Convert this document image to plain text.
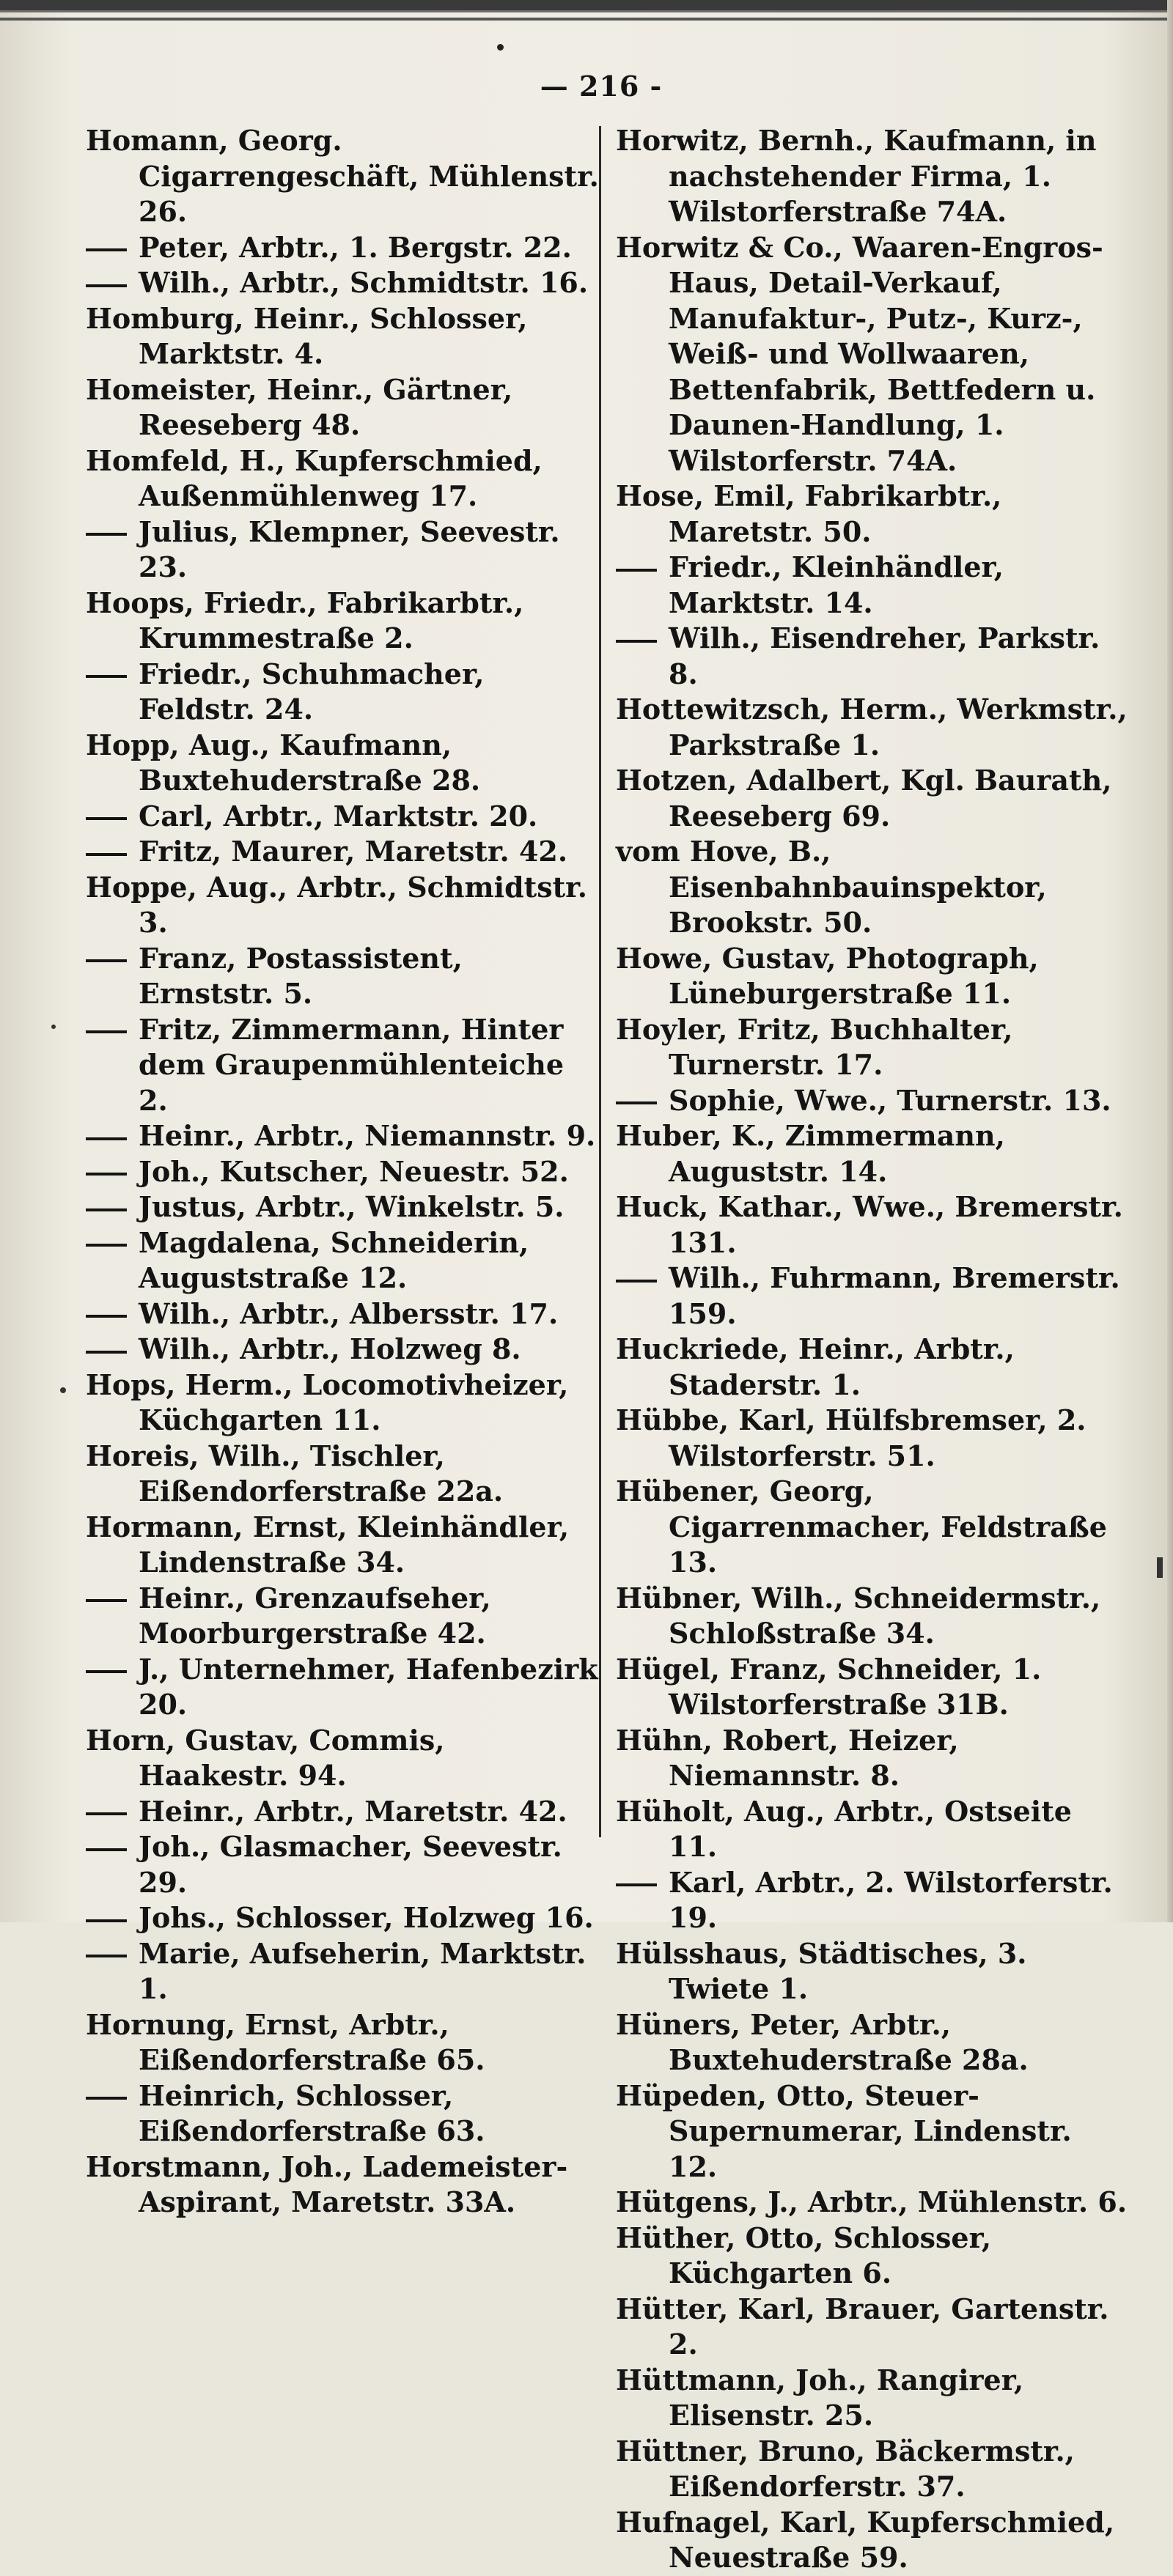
— 216 -

Homann, Georg. Cigarrengeschäft, Mühlenstr. 26.

Peter, Arbtr., 1. Bergstr. 22.

Wilh., Arbtr., Schmidtstr. 16.

Homburg, Heinr., Schlosser, Marktstr. 4.

Homeister, Heinr., Gärtner, Reeseberg 48.

Homfeld, H., Kupferschmied, Außenmühlenweg 17.

Julius, Klempner, Seevestr. 23.

Hoops, Friedr., Fabrikarbtr., Krummestraße 2.

Friedr., Schuhmacher, Feldstr. 24.

Hopp, Aug., Kaufmann, Buxtehuderstraße 28.

Carl, Arbtr., Marktstr. 20.

Fritz, Maurer, Maretstr. 42.

Hoppe, Aug., Arbtr., Schmidtstr. 3.

Franz, Postassistent, Ernststr. 5.

Fritz, Zimmermann, Hinter dem Graupenmühlenteiche 2.

Heinr., Arbtr., Niemannstr. 9.

Joh., Kutscher, Neuestr. 52.

Justus, Arbtr., Winkelstr. 5.

Magdalena, Schneiderin, Auguststraße 12.

Wilh., Arbtr., Albersstr. 17.

Wilh., Arbtr., Holzweg 8.

Hops, Herm., Locomotivheizer, Küchgarten 11.

Horeis, Wilh., Tischler, Eißendorferstraße 22a.

Hormann, Ernst, Kleinhändler, Lindenstraße 34.

Heinr., Grenzaufseher, Moorburgerstraße 42.

J., Unternehmer, Hafenbezirk 20.

Horn, Gustav, Commis, Haakestr. 94.

Heinr., Arbtr., Maretstr. 42.

Joh., Glasmacher, Seevestr. 29.

Johs., Schlosser, Holzweg 16.

Marie, Aufseherin, Marktstr. 1.

Hornung, Ernst, Arbtr., Eißendorferstraße 65.

Heinrich, Schlosser, Eißendorferstraße 63.

Horstmann, Joh., Lademeister-Aspirant, Maretstr. 33A.

Horwitz, Bernh., Kaufmann, in nachstehender Firma, 1. Wilstorferstraße 74A.

Horwitz & Co., Waaren-Engros-Haus, Detail-Verkauf, Manufaktur-, Putz-, Kurz-, Weiß- und Wollwaaren, Bettenfabrik, Bettfedern u. Daunen-Handlung, 1. Wilstorferstr. 74A.

Hose, Emil, Fabrikarbtr., Maretstr. 50.

Friedr., Kleinhändler, Marktstr. 14.

Wilh., Eisendreher, Parkstr. 8.

Hottewitzsch, Herm., Werkmstr., Parkstraße 1.

Hotzen, Adalbert, Kgl. Baurath, Reeseberg 69.

vom Hove, B., Eisenbahnbauinspektor, Brookstr. 50.

Howe, Gustav, Photograph, Lüneburgerstraße 11.

Hoyler, Fritz, Buchhalter, Turnerstr. 17.

Sophie, Wwe., Turnerstr. 13.

Huber, K., Zimmermann, Auguststr. 14.

Huck, Kathar., Wwe., Bremerstr. 131.

Wilh., Fuhrmann, Bremerstr. 159.

Huckriede, Heinr., Arbtr., Staderstr. 1.

Hübbe, Karl, Hülfsbremser, 2. Wilstorferstr. 51.

Hübener, Georg, Cigarrenmacher, Feldstraße 13.

Hübner, Wilh., Schneidermstr., Schloßstraße 34.

Hügel, Franz, Schneider, 1. Wilstorferstraße 31B.

Hühn, Robert, Heizer, Niemannstr. 8.

Hüholt, Aug., Arbtr., Ostseite 11.

Karl, Arbtr., 2. Wilstorferstr. 19.

Hülsshaus, Städtisches, 3. Twiete 1.

Hüners, Peter, Arbtr., Buxtehuderstraße 28a.

Hüpeden, Otto, Steuer-Supernumerar, Lindenstr. 12.

Hütgens, J., Arbtr., Mühlenstr. 6.

Hüther, Otto, Schlosser, Küchgarten 6.

Hütter, Karl, Brauer, Gartenstr. 2.

Hüttmann, Joh., Rangirer, Elisenstr. 25.

Hüttner, Bruno, Bäckermstr., Eißendorferstr. 37.

Hufnagel, Karl, Kupferschmied, Neuestraße 59.
